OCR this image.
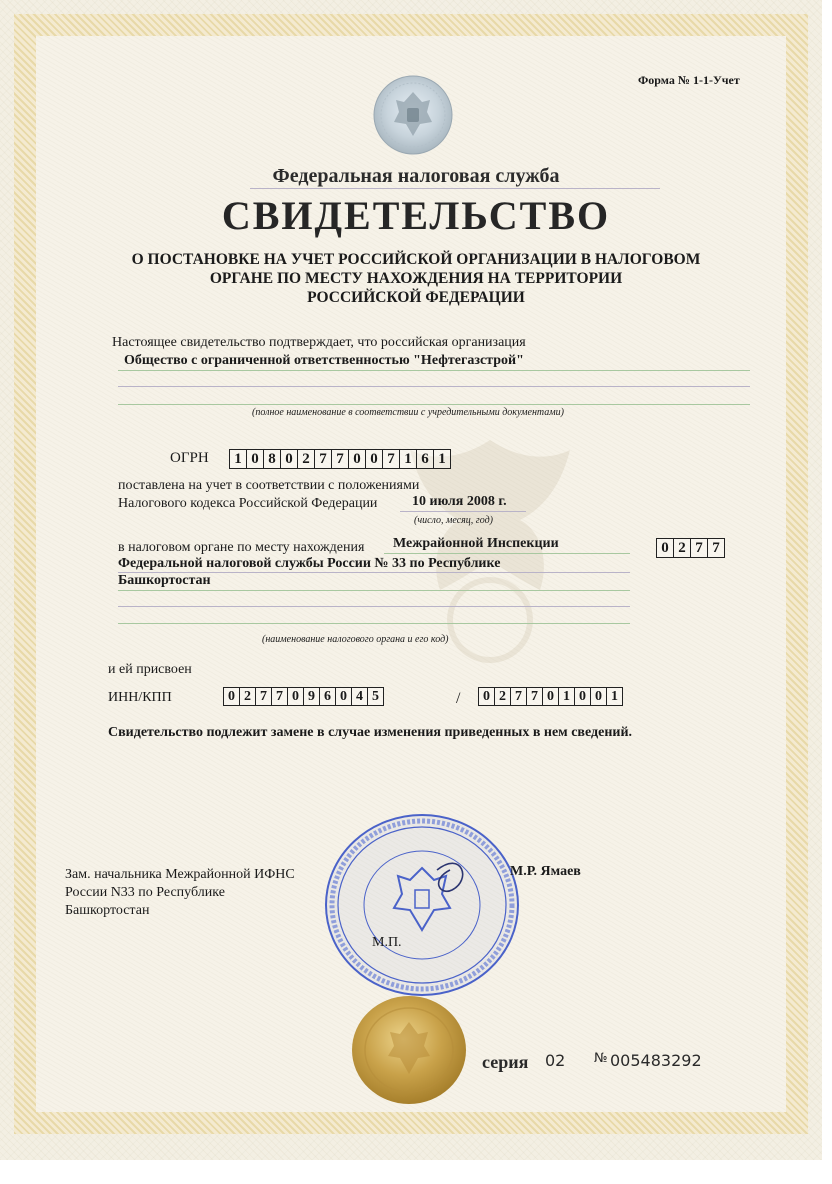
Форма № 1-1-Учет
Федеральная налоговая служба
СВИДЕТЕЛЬСТВО
О ПОСТАНОВКЕ НА УЧЕТ РОССИЙСКОЙ ОРГАНИЗАЦИИ В НАЛОГОВОМ
ОРГАНЕ ПО МЕСТУ НАХОЖДЕНИЯ НА ТЕРРИТОРИИ
РОССИЙСКОЙ ФЕДЕРАЦИИ
Настоящее свидетельство подтверждает, что российская организация
Общество с ограниченной ответственностью "Нефтегазстрой"
(полное наименование в соответствии с учредительными документами)
ОГРН	1 0 8 0 2 7 7 0 0 7 1 6 1
поставлена на учет в соответствии с положениями
Налогового кодекса Российской Федерации 10 июля 2008 г.
(число, месяц, год)
в налоговом органе по месту нахождения Межрайонной Инспекции
Федеральной налоговой службы России № 33 по Республике
Башкортостан
(наименование налогового органа и его код)
0 2 7 7
и ей присвоен
ИНН/КПП	0 2 7 7 0 9 6 0 4 5	/	0 2 7 7 0 1 0 0 1
Свидетельство подлежит замене в случае изменения приведенных в нем сведений.
Зам. начальника Межрайонной ИФНС
России N33 по Республике
Башкортостан
М.Р. Ямаев
М.П.
серия 02 № 005483292
